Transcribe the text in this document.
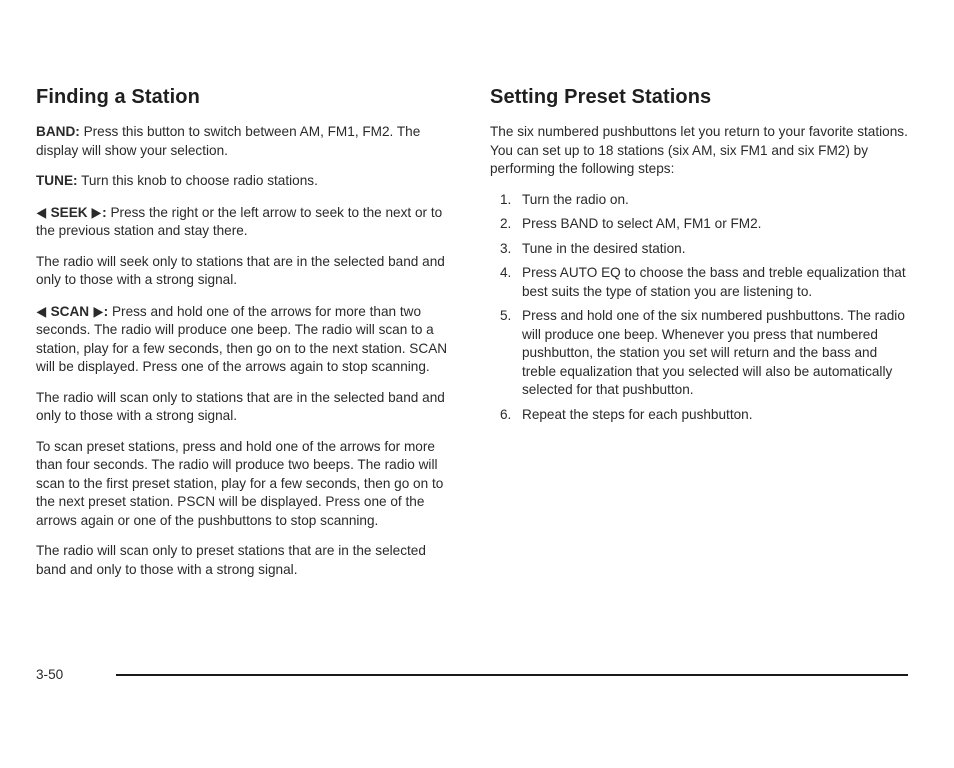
Finding a Station

BAND: Press this button to switch between AM, FM1, FM2. The display will show your selection.

TUNE: Turn this knob to choose radio stations.

◀ SEEK ▶: Press the right or the left arrow to seek to the next or to the previous station and stay there.

The radio will seek only to stations that are in the selected band and only to those with a strong signal.

◀ SCAN ▶: Press and hold one of the arrows for more than two seconds. The radio will produce one beep. The radio will scan to a station, play for a few seconds, then go on to the next station. SCAN will be displayed. Press one of the arrows again to stop scanning.

The radio will scan only to stations that are in the selected band and only to those with a strong signal.

To scan preset stations, press and hold one of the arrows for more than four seconds. The radio will produce two beeps. The radio will scan to the first preset station, play for a few seconds, then go on to the next preset station. PSCN will be displayed. Press one of the arrows again or one of the pushbuttons to stop scanning.

The radio will scan only to preset stations that are in the selected band and only to those with a strong signal.

Setting Preset Stations

The six numbered pushbuttons let you return to your favorite stations. You can set up to 18 stations (six AM, six FM1 and six FM2) by performing the following steps:

1. Turn the radio on.
2. Press BAND to select AM, FM1 or FM2.
3. Tune in the desired station.
4. Press AUTO EQ to choose the bass and treble equalization that best suits the type of station you are listening to.
5. Press and hold one of the six numbered pushbuttons. The radio will produce one beep. Whenever you press that numbered pushbutton, the station you set will return and the bass and treble equalization that you selected will also be automatically selected for that pushbutton.
6. Repeat the steps for each pushbutton.
3-50
